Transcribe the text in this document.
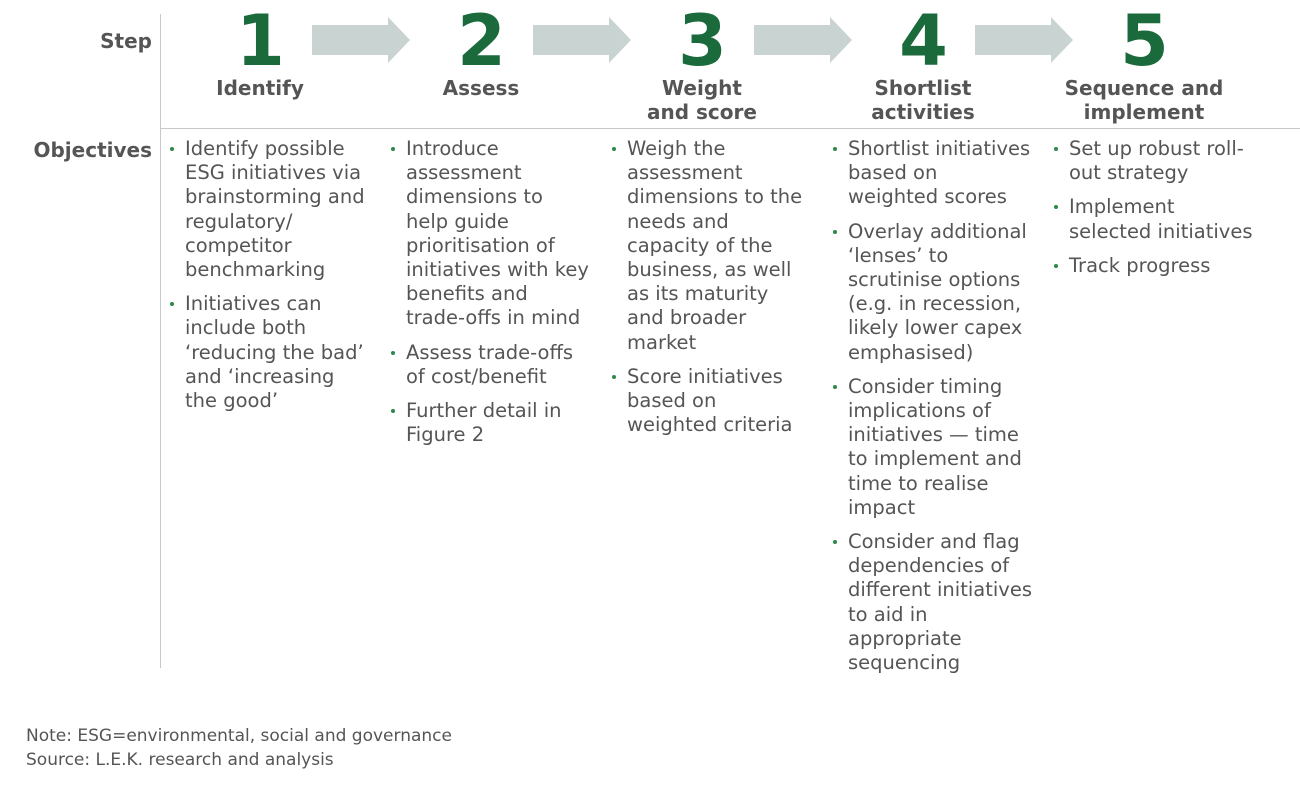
Step
Objectives
1
Identify
2
Assess
3
Weight
and score
4
Shortlist
activities
5
Sequence and
implement
Identify possible ESG initiatives via brainstorming and regulatory/ competitor benchmarking
Initiatives can include both ‘reducing the bad’ and ‘increasing the good’
Introduce assessment dimensions to help guide prioritisation of initiatives with key benefits and trade-offs in mind
Assess trade-offs of cost/benefit
Further detail in Figure 2
Weigh the assessment dimensions to the needs and capacity of the business, as well as its maturity and broader market
Score initiatives based on weighted criteria
Shortlist initiatives based on weighted scores
Overlay additional ‘lenses’ to scrutinise options (e.g. in recession, likely lower capex emphasised)
Consider timing implications of initiatives — time to implement and time to realise impact
Consider and flag dependencies of different initiatives to aid in appropriate sequencing
Set up robust roll-out strategy
Implement selected initiatives
Track progress
Note: ESG=environmental, social and governance
Source: L.E.K. research and analysis
